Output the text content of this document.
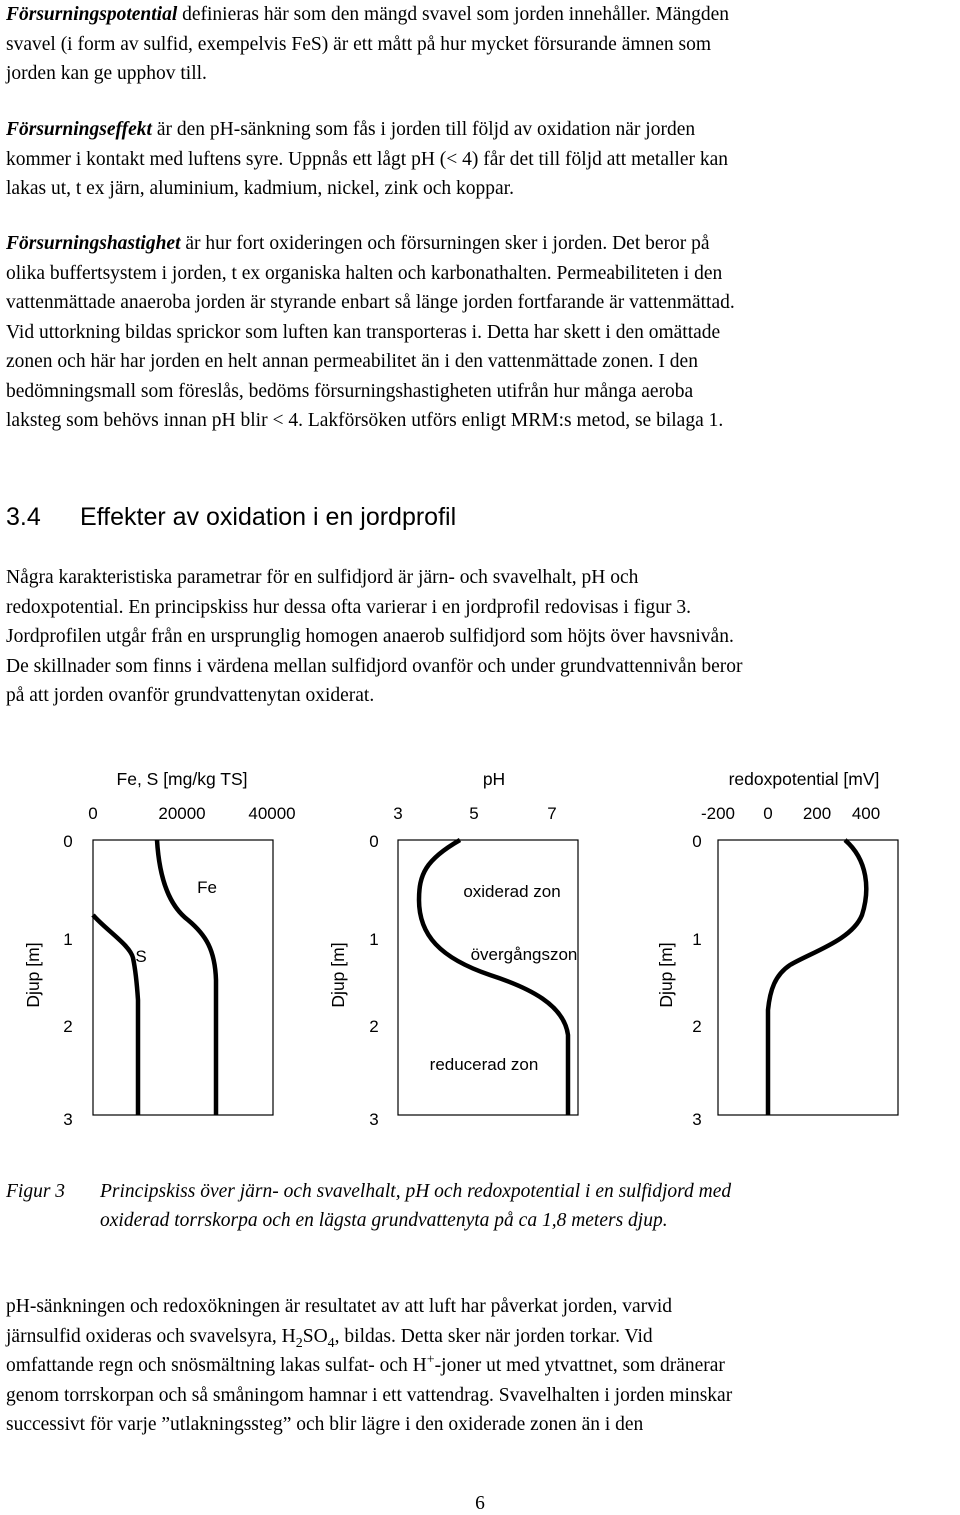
Försurningspotential definieras här som den mängd svavel som jorden innehåller. Mängden
svavel (i form av sulfid, exempelvis FeS) är ett mått på hur mycket försurande ämnen som
jorden kan ge upphov till.

Försurningseffekt är den pH-sänkning som fås i jorden till följd av oxidation när jorden
kommer i kontakt med luftens syre. Uppnås ett lågt pH (< 4) får det till följd att metaller kan
lakas ut, t ex järn, aluminium, kadmium, nickel, zink och koppar.

Försurningshastighet är hur fort oxideringen och försurningen sker i jorden. Det beror på
olika buffertsystem i jorden, t ex organiska halten och karbonathalten. Permeabiliteten i den
vattenmättade anaeroba jorden är styrande enbart så länge jorden fortfarande är vattenmättad.
Vid uttorkning bildas sprickor som luften kan transporteras i. Detta har skett i den omättade
zonen och här har jorden en helt annan permeabilitet än i den vattenmättade zonen. I den
bedömningsmall som föreslås, bedöms försurningshastigheten utifrån hur många aeroba
laksteg som behövs innan pH blir < 4. Lakförsöken utförs enligt MRM:s metod, se bilaga 1.

3.4 Effekter av oxidation i en jordprofil

Några karakteristiska parametrar för en sulfidjord är järn- och svavelhalt, pH och
redoxpotential. En principskiss hur dessa ofta varierar i en jordprofil redovisas i figur 3.
Jordprofilen utgår från en ursprunglig homogen anaerob sulfidjord som höjts över havsnivån.
De skillnader som finns i värdena mellan sulfidjord ovanför och under grundvattennivån beror
på att jorden ovanför grundvattenytan oxiderat.

Fe, S [mg/kg TS]
0	20000	40000
0
1
2
3
Djup [m]
Fe
S
pH
3	5	7
0
1
2
3
Djup [m]
oxiderad zon
övergångszon
reducerad zon
redoxpotential [mV]
-200 0 200 400
0
1
2
3
Djup [m]
Figur 3	Principskiss över järn- och svavelhalt, pH och redoxpotential i en sulfidjord med
oxiderad torrskorpa och en lägsta grundvattenyta på ca 1,8 meters djup.
pH-sänkningen och redoxökningen är resultatet av att luft har påverkat jorden, varvid
järnsulfid oxideras och svavelsyra, $H_2SO_4$, bildas. Detta sker när jorden torkar. Vid
omfattande regn och snösmältning lakas sulfat- och H+-joner ut med ytvattnet, som dränerar
genom torrskorpan och så småningom hamnar i ett vattendrag. Svavelhalten i jorden minskar
successivt för varje ”utlakningssteg” och blir lägre i den oxiderade zonen än i den
6
